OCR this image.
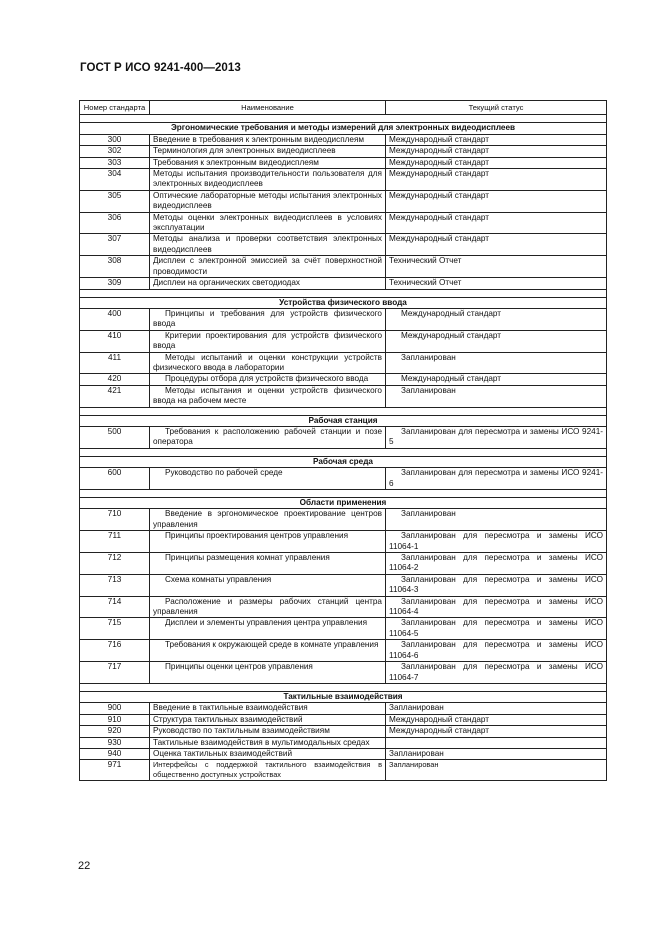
ГОСТ Р ИСО 9241-400—2013
Номер стандарта	Наименование	Текущий статус

Эргономические требования и методы измерений для электронных видеодисплеев		
300	Введение в требования к электронным видеодисплеям	Международный стандарт
302	Терминология для электронных видеодисплеев	Международный стандарт
303	Требования к электронным видеодисплеям	Международный стандарт
304	Методы испытания производительности пользователя для электронных видеодисплеев	Международный стандарт
305	Оптические лабораторные методы испытания электронных видеодисплеев	Международный стандарт
306	Методы оценки электронных видеодисплеев в условиях эксплуатации	Международный стандарт
307	Методы анализа и проверки соответствия электронных видеодисплеев	Международный стандарт
308	Дисплеи с электронной эмиссией за счёт поверхностной проводимости	Технический Отчет
309	Дисплеи на органических светодиодах	Технический Отчет

Устройства физического ввода		
400	Принципы и требования для устройств физического ввода	Международный стандарт
410	Критерии проектирования для устройств физического ввода	Международный стандарт
411	Методы испытаний и оценки конструкции устройств физического ввода в лаборатории	Запланирован
420	Процедуры отбора для устройств физического ввода	Международный стандарт
421	Методы испытания и оценки устройств физического ввода на рабочем месте	Запланирован

Рабочая станция		
500	Требования к расположению рабочей станции и позе оператора	Запланирован для пересмотра и замены ИСО 9241-5

Рабочая среда		
600	Руководство по рабочей среде	Запланирован для пересмотра и замены ИСО 9241-6

Области применения		
710	Введение в эргономическое проектирование центров управления	Запланирован
711	Принципы проектирования центров управления	Запланирован для пересмотра и замены ИСО 11064-1
712	Принципы размещения комнат управления	Запланирован для пересмотра и замены ИСО 11064-2
713	Схема комнаты управления	Запланирован для пересмотра и замены ИСО 11064-3
714	Расположение и размеры рабочих станций центра управления	Запланирован для пересмотра и замены ИСО 11064-4
715	Дисплеи и элементы управления центра управления	Запланирован для пересмотра и замены ИСО 11064-5
716	Требования к окружающей среде в комнате управления	Запланирован для пересмотра и замены ИСО 11064-6
717	Принципы оценки центров управления	Запланирован для пересмотра и замены ИСО 11064-7

Тактильные взаимодействия		
900	Введение в тактильные взаимодействия	Запланирован
910	Структура тактильных взаимодействий	Международный стандарт
920	Руководство по тактильным взаимодействиям	Международный стандарт
930	Тактильные взаимодействия в мультимодальных средах	
940	Оценка тактильных взаимодействий	Запланирован
971	Интерфейсы с поддержкой тактильного взаимодействия в общественно доступных устройствах	Запланирован
22
